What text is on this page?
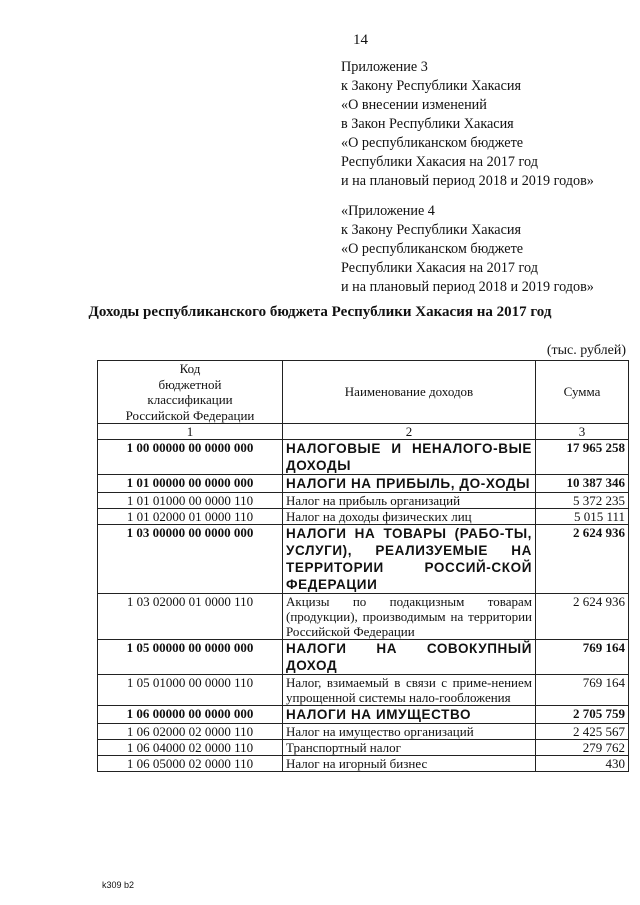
14
Приложение 3
к Закону Республики Хакасия
«О внесении изменений
в Закон Республики Хакасия
«О республиканском бюджете
Республики Хакасия на 2017 год
и на плановый период 2018 и 2019 годов»
«Приложение 4
к Закону Республики Хакасия
«О республиканском бюджете
Республики Хакасия на 2017 год
и на плановый период 2018 и 2019 годов»
Доходы республиканского бюджета Республики Хакасия на 2017 год
(тыс. рублей)
Код
бюджетной
классификации
Российской Федерации	Наименование доходов	Сумма
1	2	3
1 00 00000 00 0000 000	НАЛОГОВЫЕ И НЕНАЛОГО-ВЫЕ ДОХОДЫ	17 965 258
1 01 00000 00 0000 000	НАЛОГИ НА ПРИБЫЛЬ, ДО-ХОДЫ	10 387 346
1 01 01000 00 0000 110	Налог на прибыль организаций	5 372 235
1 01 02000 01 0000 110	Налог на доходы физических лиц	5 015 111
1 03 00000 00 0000 000	НАЛОГИ НА ТОВАРЫ (РАБО-ТЫ, УСЛУГИ), РЕАЛИЗУЕМЫЕ НА ТЕРРИТОРИИ РОССИЙ-СКОЙ ФЕДЕРАЦИИ	2 624 936
1 03 02000 01 0000 110	Акцизы по подакцизным товарам (продукции), производимым на территории Российской Федерации	2 624 936
1 05 00000 00 0000 000	НАЛОГИ НА СОВОКУПНЫЙ ДОХОД	769 164
1 05 01000 00 0000 110	Налог, взимаемый в связи с приме-нением упрощенной системы нало-гообложения	769 164
1 06 00000 00 0000 000	НАЛОГИ НА ИМУЩЕСТВО	2 705 759
1 06 02000 02 0000 110	Налог на имущество организаций	2 425 567
1 06 04000 02 0000 110	Транспортный налог	279 762
1 06 05000 02 0000 110	Налог на игорный бизнес	430
k309 b2
